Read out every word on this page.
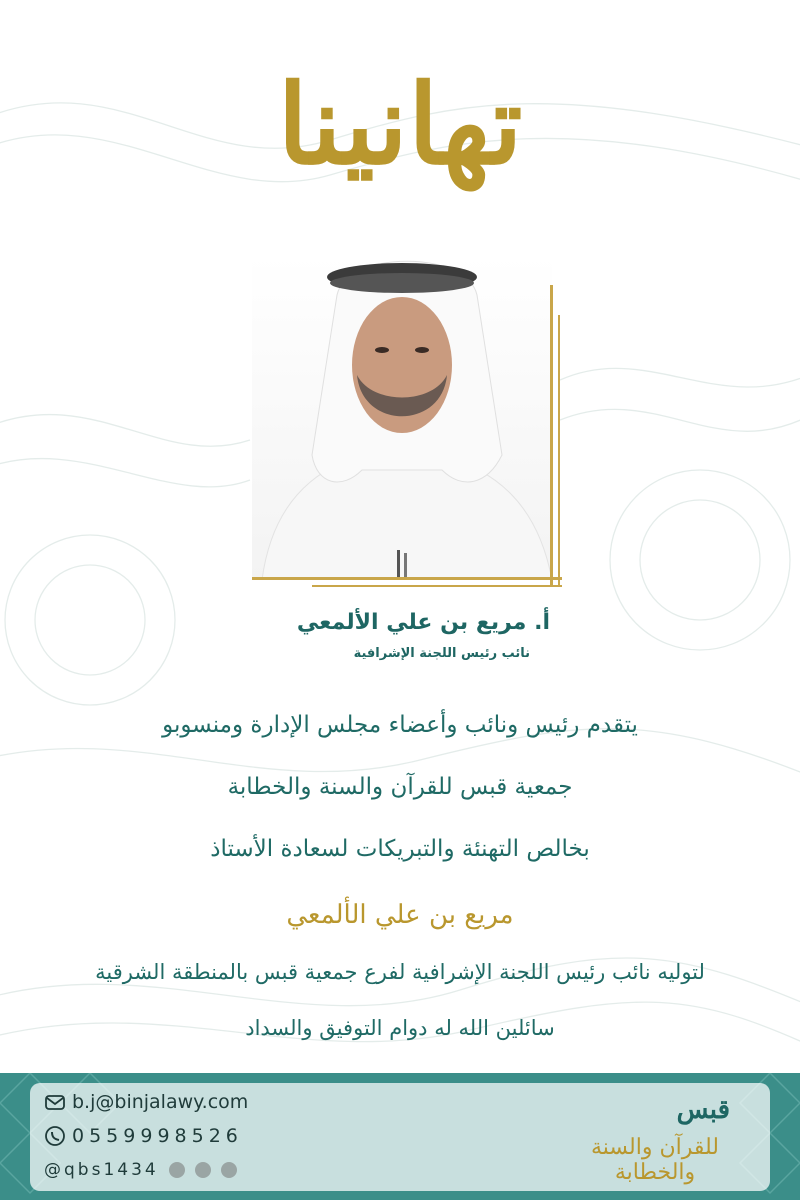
تهانينا
أ. مريع بن علي الألمعي
نائب رئيس اللجنة الإشرافية
يتقدم رئيس ونائب وأعضاء مجلس الإدارة ومنسوبو
جمعية قبس للقرآن والسنة والخطابة
بخالص التهنئة والتبريكات لسعادة الأستاذ
مريع بن علي الألمعي
لتوليه نائب رئيس اللجنة الإشرافية لفرع جمعية قبس بالمنطقة الشرقية
سائلين الله له دوام التوفيق والسداد
b.j@binjalawy.com
0559998526
@qbs1434
قبس
للقرآن والسنة والخطابة
